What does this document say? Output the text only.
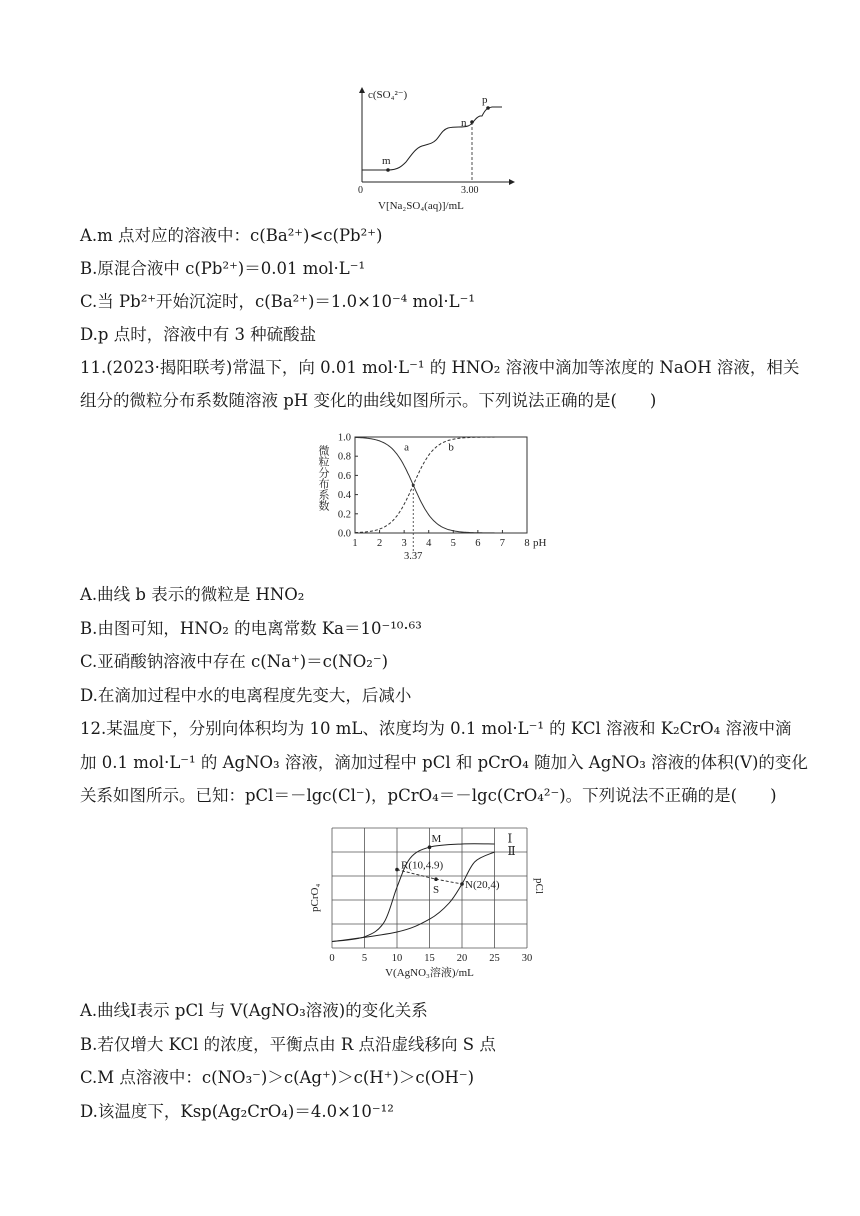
c(SO₄²⁻)
m
n
p
0	3.00
V[Na₂SO₄(aq)]/mL
A.m 点对应的溶液中：c(Ba²⁺)<c(Pb²⁺)
B.原混合液中 c(Pb²⁺)＝0.01 mol·L⁻¹
C.当 Pb²⁺开始沉淀时，c(Ba²⁺)＝1.0×10⁻⁴ mol·L⁻¹
D.p 点时，溶液中有 3 种硫酸盐
11.(2023·揭阳联考)常温下，向 0.01 mol·L⁻¹ 的 HNO₂ 溶液中滴加等浓度的 NaOH 溶液，相关
组分的微粒分布系数随溶液 pH 变化的曲线如图所示。下列说法正确的是(　　)
0.0
0.2
0.4
0.6
0.8
1.0
1 2 3 4 5 6 7 8 pH
微粒分布系数
3.37
a	b
A.曲线 b 表示的微粒是 HNO₂
B.由图可知，HNO₂ 的电离常数 Ka＝10⁻¹⁰·⁶³
C.亚硝酸钠溶液中存在 c(Na⁺)＝c(NO₂⁻)
D.在滴加过程中水的电离程度先变大，后减小
12.某温度下，分别向体积均为 10 mL、浓度均为 0.1 mol·L⁻¹ 的 KCl 溶液和 K₂CrO₄ 溶液中滴
加 0.1 mol·L⁻¹ 的 AgNO₃ 溶液，滴加过程中 pCl 和 pCrO₄ 随加入 AgNO₃ 溶液的体积(V)的变化
关系如图所示。已知：pCl＝－lgc(Cl⁻)，pCrO₄＝－lgc(CrO₄²⁻)。下列说法不正确的是(　　)
0	5 10 15 20 25 30
V(AgNO₃溶液)/mL
pCrO₄	pCl
Ⅰ
Ⅱ
M
R(10,4.9)
S N(20,4)
A.曲线Ⅰ表示 pCl 与 V(AgNO₃溶液)的变化关系
B.若仅增大 KCl 的浓度，平衡点由 R 点沿虚线移向 S 点
C.M 点溶液中：c(NO₃⁻)＞c(Ag⁺)＞c(H⁺)＞c(OH⁻)
D.该温度下，Ksp(Ag₂CrO₄)＝4.0×10⁻¹²
